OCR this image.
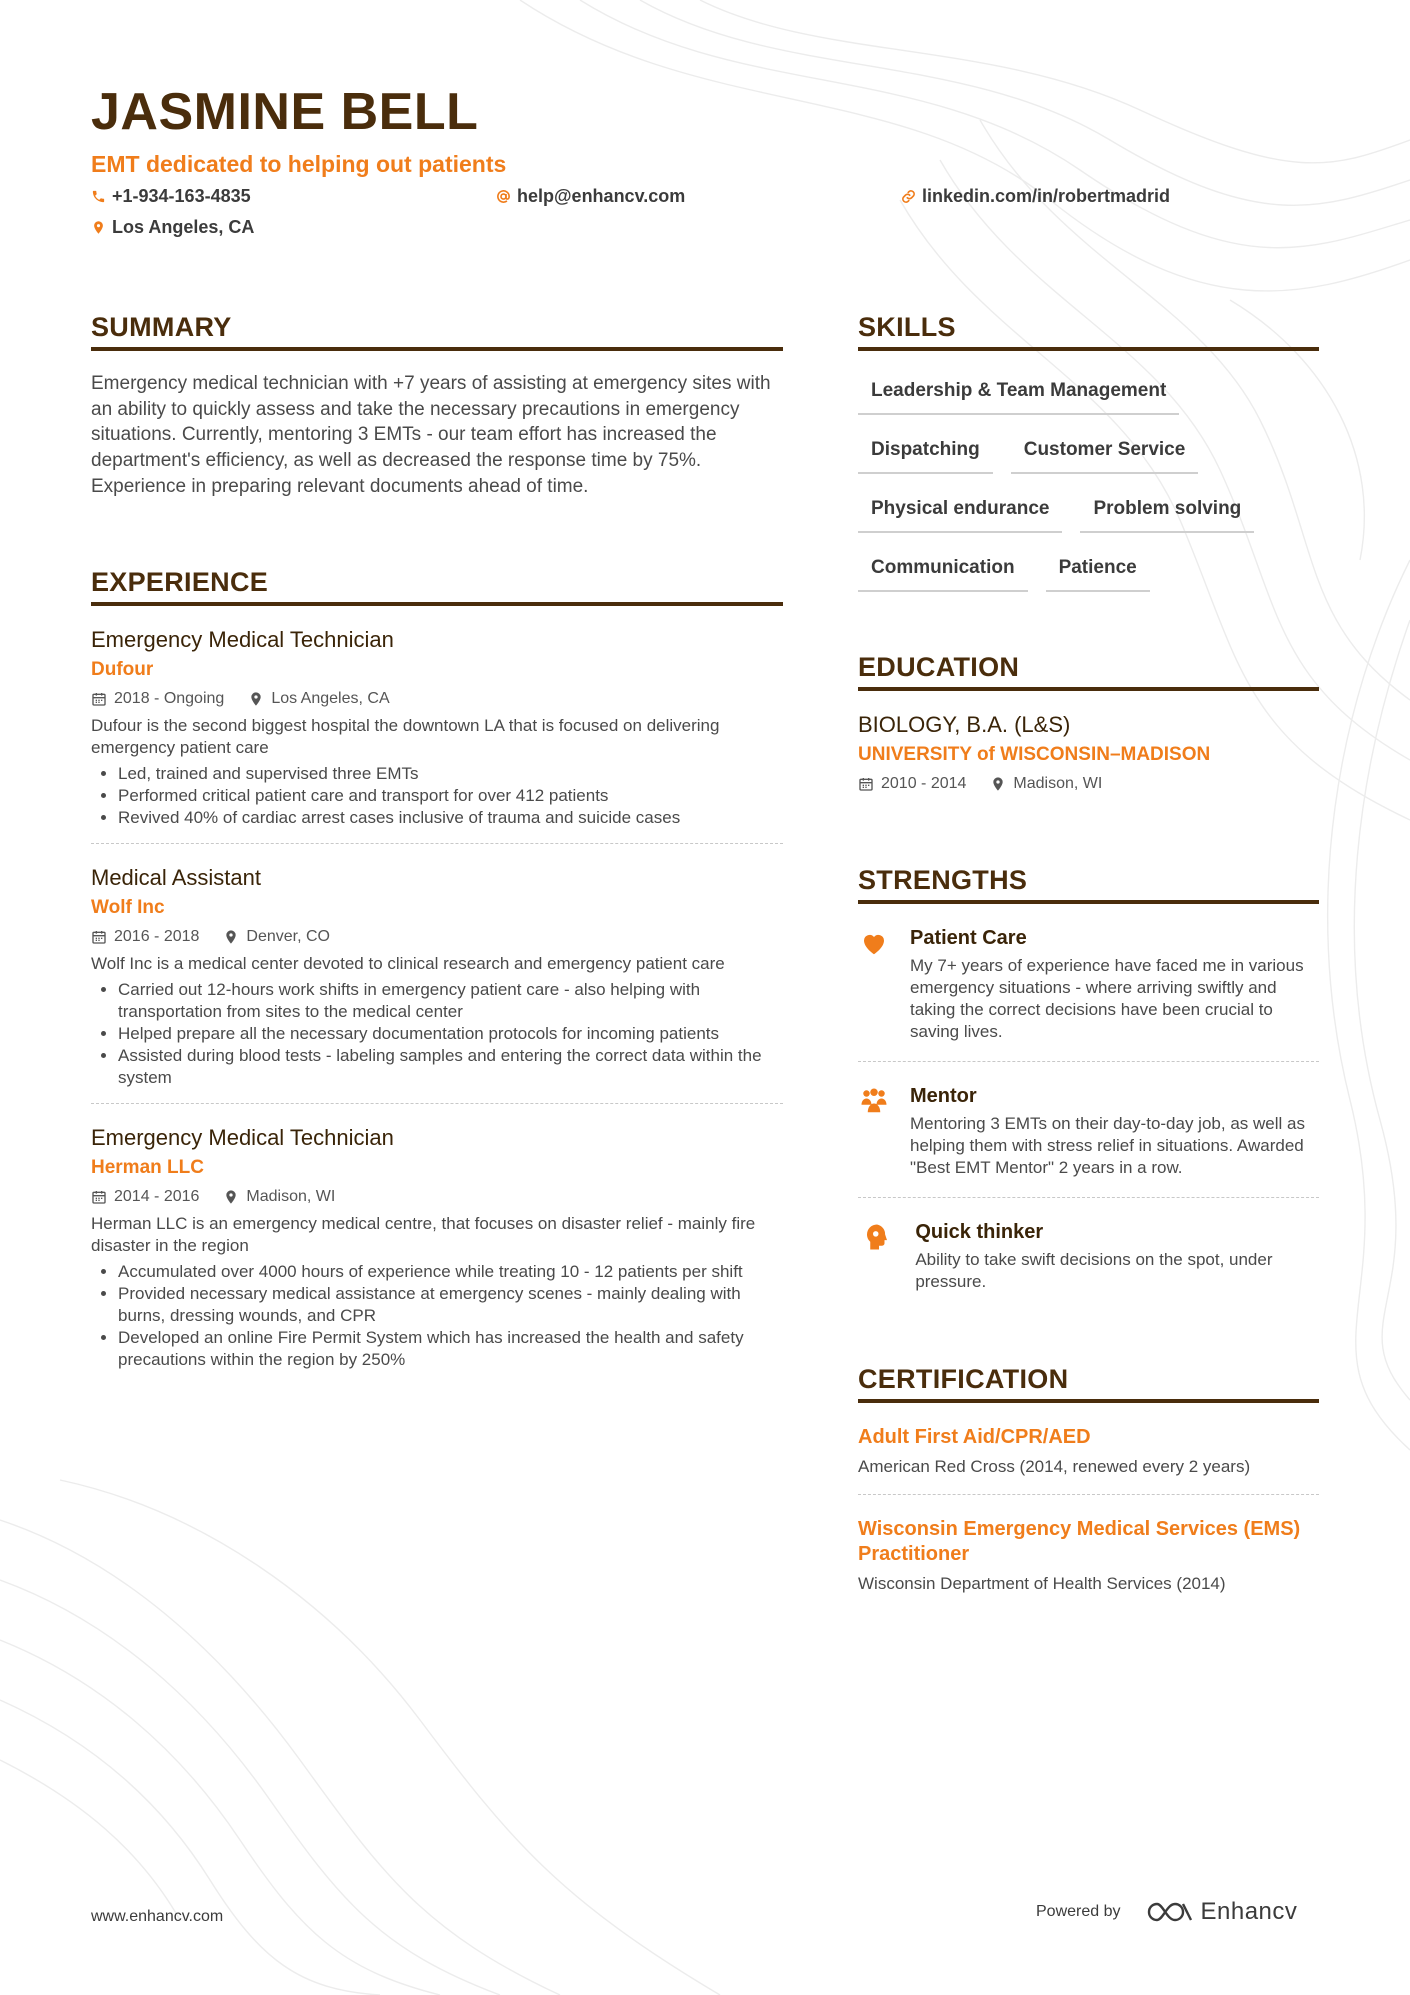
JASMINE BELL
EMT dedicated to helping out patients
+1-934-163-4835	help@enhancv.com	linkedin.com/in/robertmadrid
Los Angeles, CA
SUMMARY
Emergency medical technician with +7 years of assisting at emergency sites with an ability to quickly assess and take the necessary precautions in emergency situations. Currently, mentoring 3 EMTs - our team effort has increased the department's efficiency, as well as decreased the response time by 75%. Experience in preparing relevant documents ahead of time.
EXPERIENCE
Emergency Medical Technician
Dufour
2018 - Ongoing	Los Angeles, CA
Dufour is the second biggest hospital the downtown LA that is focused on delivering emergency patient care
• Led, trained and supervised three EMTs
• Performed critical patient care and transport for over 412 patients
• Revived 40% of cardiac arrest cases inclusive of trauma and suicide cases
Medical Assistant
Wolf Inc
2016 - 2018	Denver, CO
Wolf Inc is a medical center devoted to clinical research and emergency patient care
• Carried out 12-hours work shifts in emergency patient care - also helping with transportation from sites to the medical center
• Helped prepare all the necessary documentation protocols for incoming patients
• Assisted during blood tests - labeling samples and entering the correct data within the system
Emergency Medical Technician
Herman LLC
2014 - 2016	Madison, WI
Herman LLC is an emergency medical centre, that focuses on disaster relief - mainly fire disaster in the region
• Accumulated over 4000 hours of experience while treating 10 - 12 patients per shift
• Provided necessary medical assistance at emergency scenes - mainly dealing with burns, dressing wounds, and CPR
• Developed an online Fire Permit System which has increased the health and safety precautions within the region by 250%
SKILLS
Leadership & Team Management
Dispatching	Customer Service
Physical endurance	Problem solving
Communication	Patience
EDUCATION
BIOLOGY, B.A. (L&S)
UNIVERSITY of WISCONSIN–MADISON
2010 - 2014	Madison, WI
STRENGTHS
Patient Care
My 7+ years of experience have faced me in various emergency situations - where arriving swiftly and taking the correct decisions have been crucial to saving lives.
Mentor
Mentoring 3 EMTs on their day-to-day job, as well as helping them with stress relief in situations. Awarded "Best EMT Mentor" 2 years in a row.
Quick thinker
Ability to take swift decisions on the spot, under pressure.
CERTIFICATION
Adult First Aid/CPR/AED
American Red Cross (2014, renewed every 2 years)
Wisconsin Emergency Medical Services (EMS) Practitioner
Wisconsin Department of Health Services (2014)
www.enhancv.com	Powered by	Enhancv
